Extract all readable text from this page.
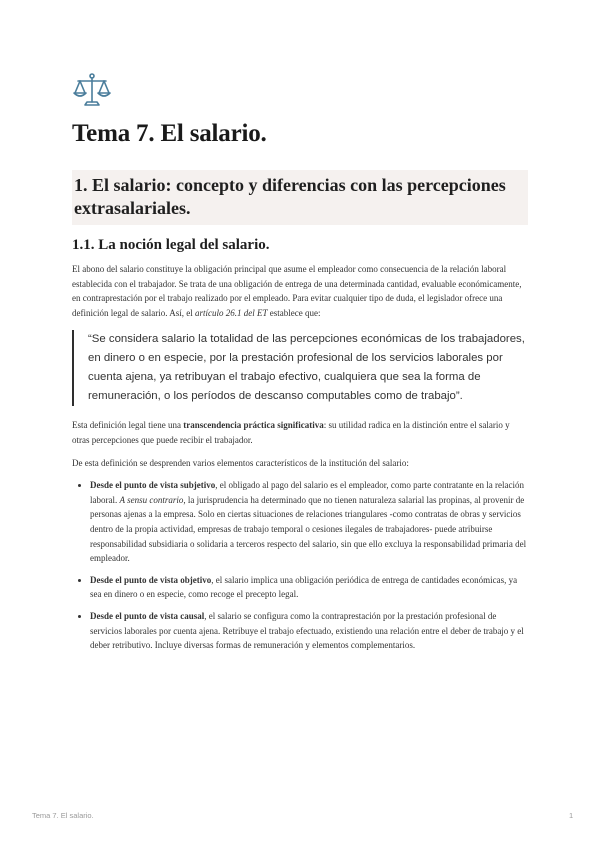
Tema 7. El salario.
1. El salario: concepto y diferencias con las percepciones extrasalariales.
1.1. La noción legal del salario.

El abono del salario constituye la obligación principal que asume el empleador como consecuencia de la relación laboral establecida con el trabajador. Se trata de una obligación de entrega de una determinada cantidad, evaluable económicamente, en contraprestación por el trabajo realizado por el empleado. Para evitar cualquier tipo de duda, el legislador ofrece una definición legal de salario. Así, el artículo 26.1 del ET establece que:

“Se considera salario la totalidad de las percepciones económicas de los trabajadores, en dinero o en especie, por la prestación profesional de los servicios laborales por cuenta ajena, ya retribuyan el trabajo efectivo, cualquiera que sea la forma de remuneración, o los períodos de descanso computables como de trabajo”.

Esta definición legal tiene una transcendencia práctica significativa: su utilidad radica en la distinción entre el salario y otras percepciones que puede recibir el trabajador.

De esta definición se desprenden varios elementos característicos de la institución del salario:

• Desde el punto de vista subjetivo, el obligado al pago del salario es el empleador, como parte contratante en la relación laboral. A sensu contrario, la jurisprudencia ha determinado que no tienen naturaleza salarial las propinas, al provenir de personas ajenas a la empresa. Solo en ciertas situaciones de relaciones triangulares -como contratas de obras y servicios dentro de la propia actividad, empresas de trabajo temporal o cesiones ilegales de trabajadores- puede atribuirse responsabilidad subsidiaria o solidaria a terceros respecto del salario, sin que ello excluya la responsabilidad primaria del empleador.
• Desde el punto de vista objetivo, el salario implica una obligación periódica de entrega de cantidades económicas, ya sea en dinero o en especie, como recoge el precepto legal.
• Desde el punto de vista causal, el salario se configura como la contraprestación por la prestación profesional de servicios laborales por cuenta ajena. Retribuye el trabajo efectuado, existiendo una relación entre el deber de trabajo y el deber retributivo. Incluye diversas formas de remuneración y elementos complementarios.
Tema 7. El salario.	1
